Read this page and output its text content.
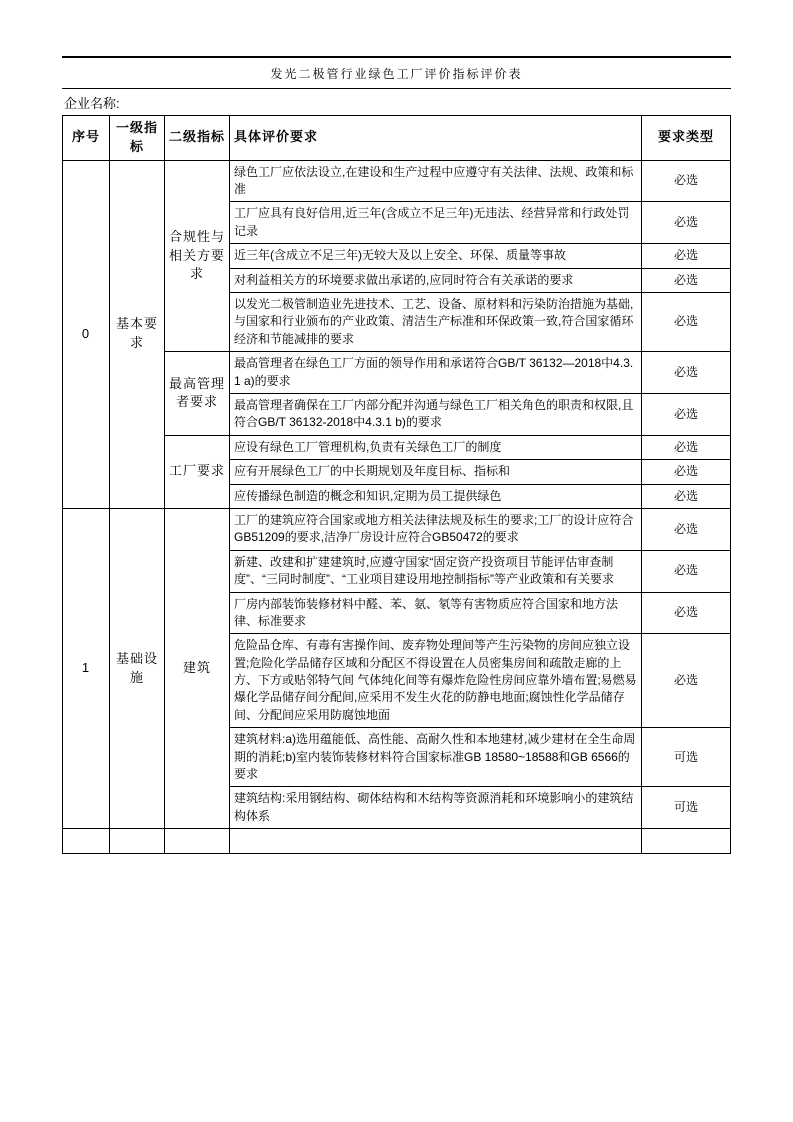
发光二极管行业绿色工厂评价指标评价表
企业名称:
序号	一级指标	二级指标	具体评价要求	要求类型
0	基本要求	合规性与相关方要求	绿色工厂应依法设立,在建设和生产过程中应遵守有关法律、法规、政策和标准	必选

			工厂应具有良好信用,近三年(含成立不足三年)无违法、经营异常和行政处罚记录	必选

			近三年(含成立不足三年)无较大及以上安全、环保、质量等事故	必选

			对利益相关方的环境要求做出承诺的,应同时符合有关承诺的要求	必选

			以发光二极管制造业先进技术、工艺、设备、原材料和污染防治措施为基础,与国家和行业颁布的产业政策、清洁生产标准和环保政策一致,符合国家循环经济和节能减排的要求	必选
		最高管理者要求	最高管理者在绿色工厂方面的领导作用和承诺符合GB/T 36132—2018中4.3.1 a)的要求	必选

			最高管理者确保在工厂内部分配并沟通与绿色工厂相关角色的职责和权限,且符合GB/T 36132-2018中4.3.1 b)的要求	必选
		工厂要求	应设有绿色工厂管理机构,负责有关绿色工厂的制度	必选

			应有开展绿色工厂的中长期规划及年度目标、指标和	必选

			应传播绿色制造的概念和知识,定期为员工提供绿色	必选
1	基础设施	建筑	工厂的建筑应符合国家或地方相关法律法规及标生的要求;工厂的设计应符合GB51209的要求,洁净厂房设计应符合GB50472的要求	必选

			新建、改建和扩建建筑时,应遵守国家“固定资产投资项目节能评估审查制度”、“三同时制度”、“工业项目建设用地控制指标”等产业政策和有关要求	必选

			厂房内部装饰装修材料中醛、苯、氨、氡等有害物质应符合国家和地方法律、标准要求	必选

			危险品仓库、有毒有害操作间、废弃物处理间等产生污染物的房间应独立设置;危险化学品储存区域和分配区不得设置在人员密集房间和疏散走廊的上方、下方或贴邻特气间 气体纯化间等有爆炸危险性房间应靠外墙布置;易燃易爆化学品储存间分配间,应采用不发生火花的防静电地面;腐蚀性化学品储存间、分配间应采用防腐蚀地面	必选

			建筑材料:a)选用蕴能低、高性能、高耐久性和本地建材,减少建材在全生命周期的消耗;b)室内装饰装修材料符合国家标准GB 18580~18588和GB 6566的要求	可选

			建筑结构:采用钢结构、砌体结构和木结构等资源消耗和环境影响小的建筑结构体系	可选
